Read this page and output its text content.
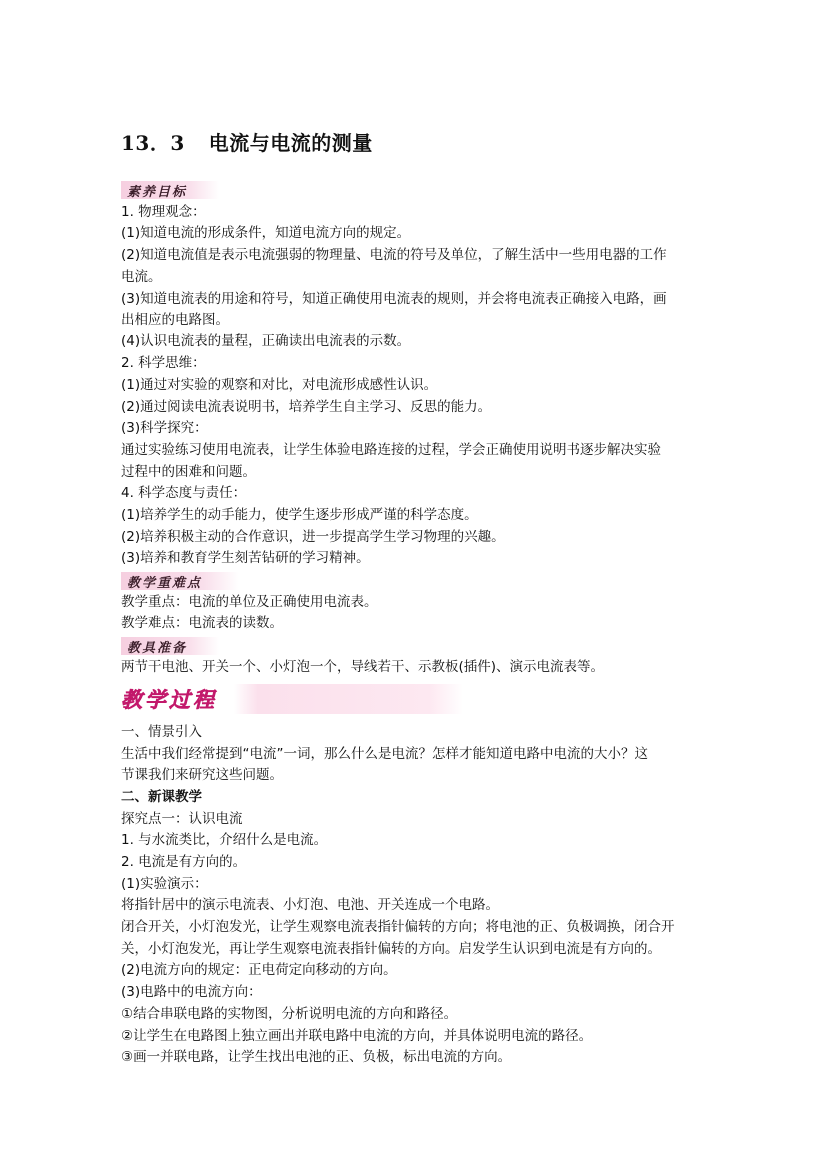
13．3 电流与电流的测量
素养目标
1. 物理观念：
(1)知道电流的形成条件，知道电流方向的规定。
(2)知道电流值是表示电流强弱的物理量、电流的符号及单位，了解生活中一些用电器的工作
电流。
(3)知道电流表的用途和符号，知道正确使用电流表的规则，并会将电流表正确接入电路，画
出相应的电路图。
(4)认识电流表的量程，正确读出电流表的示数。
2. 科学思维：
(1)通过对实验的观察和对比，对电流形成感性认识。
(2)通过阅读电流表说明书，培养学生自主学习、反思的能力。
(3)科学探究：
通过实验练习使用电流表，让学生体验电路连接的过程，学会正确使用说明书逐步解决实验
过程中的困难和问题。
4. 科学态度与责任：
(1)培养学生的动手能力，使学生逐步形成严谨的科学态度。
(2)培养积极主动的合作意识，进一步提高学生学习物理的兴趣。
(3)培养和教育学生刻苦钻研的学习精神。
教学重难点
教学重点：电流的单位及正确使用电流表。
教学难点：电流表的读数。
教具准备
两节干电池、开关一个、小灯泡一个，导线若干、示教板(插件)、演示电流表等。
教学过程
一、情景引入
生活中我们经常提到“电流”一词，那么什么是电流？怎样才能知道电路中电流的大小？这
节课我们来研究这些问题。
二、新课教学
探究点一：认识电流
1. 与水流类比，介绍什么是电流。
2. 电流是有方向的。
(1)实验演示：
将指针居中的演示电流表、小灯泡、电池、开关连成一个电路。
闭合开关，小灯泡发光，让学生观察电流表指针偏转的方向；将电池的正、负极调换，闭合开
关，小灯泡发光，再让学生观察电流表指针偏转的方向。启发学生认识到电流是有方向的。
(2)电流方向的规定：正电荷定向移动的方向。
(3)电路中的电流方向：
①结合串联电路的实物图，分析说明电流的方向和路径。
②让学生在电路图上独立画出并联电路中电流的方向，并具体说明电流的路径。
③画一并联电路，让学生找出电池的正、负极，标出电流的方向。
